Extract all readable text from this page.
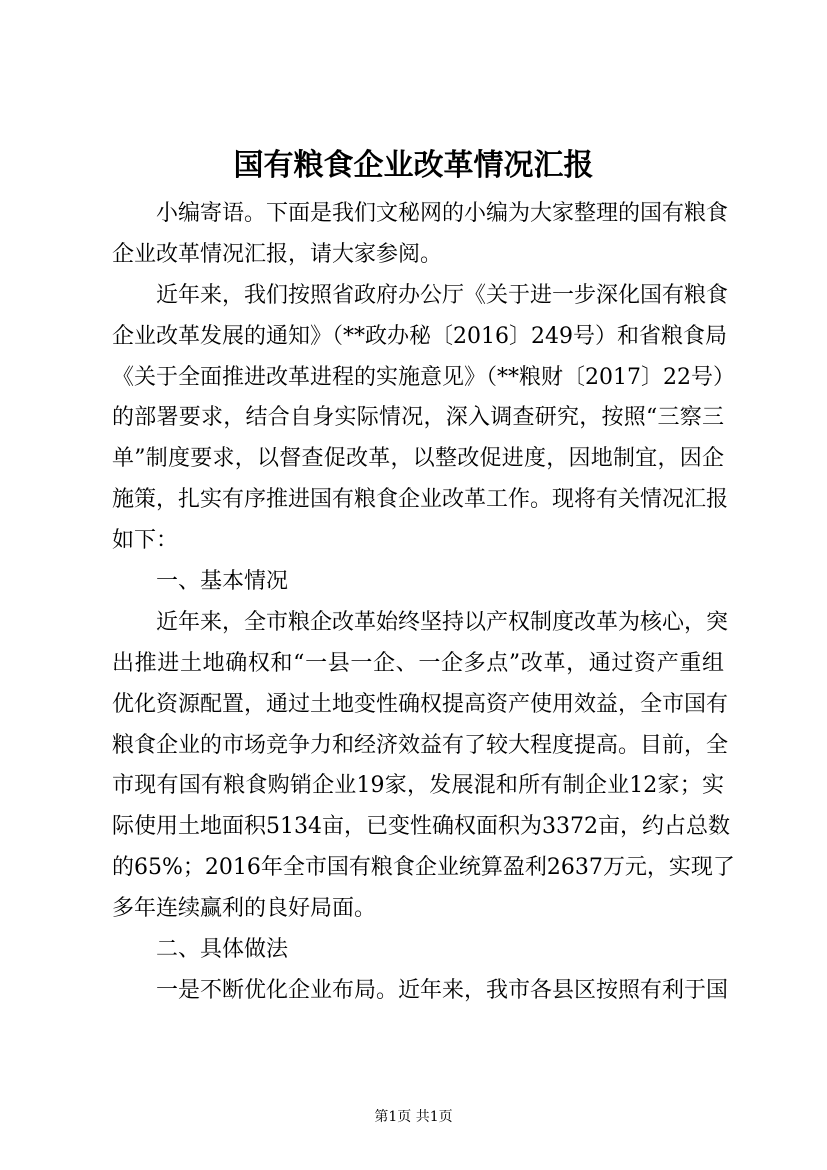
国有粮食企业改革情况汇报
小编寄语。下面是我们文秘网的小编为大家整理的国有粮食
企业改革情况汇报，请大家参阅。
近年来，我们按照省政府办公厅《关于进一步深化国有粮食
企业改革发展的通知》（**政办秘〔2016〕249号）和省粮食局
《关于全面推进改革进程的实施意见》（**粮财〔2017〕22号）
的部署要求，结合自身实际情况，深入调查研究，按照“三察三
单”制度要求，以督查促改革，以整改促进度，因地制宜，因企
施策，扎实有序推进国有粮食企业改革工作。现将有关情况汇报
如下：
一、基本情况
近年来，全市粮企改革始终坚持以产权制度改革为核心，突
出推进土地确权和“一县一企、一企多点”改革，通过资产重组
优化资源配置，通过土地变性确权提高资产使用效益，全市国有
粮食企业的市场竞争力和经济效益有了较大程度提高。目前，全
市现有国有粮食购销企业19家，发展混和所有制企业12家；实
际使用土地面积5134亩，已变性确权面积为3372亩，约占总数
的65%；2016年全市国有粮食企业统算盈利2637万元，实现了
多年连续赢利的良好局面。
二、具体做法
一是不断优化企业布局。近年来，我市各县区按照有利于国
第1页 共1页
